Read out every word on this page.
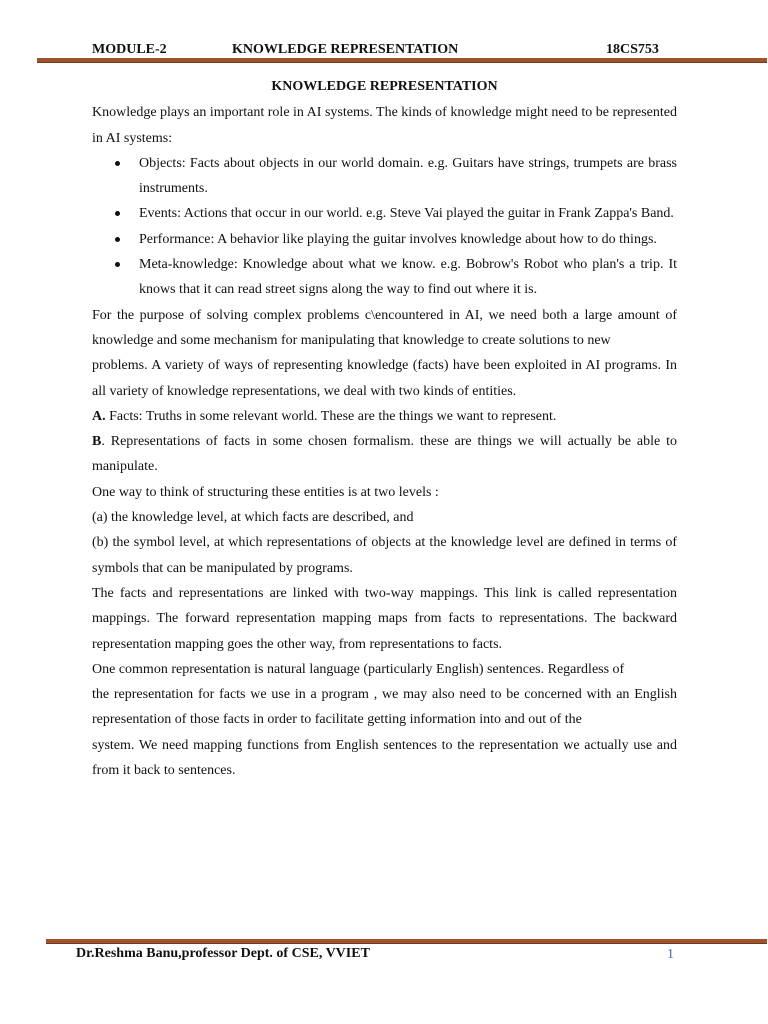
MODULE-2	KNOWLEDGE REPRESENTATION	18CS753
KNOWLEDGE REPRESENTATION

Knowledge plays an important role in AI systems. The kinds of knowledge might need to be represented in AI systems:

Objects: Facts about objects in our world domain. e.g. Guitars have strings, trumpets are brass instruments.
Events: Actions that occur in our world. e.g. Steve Vai played the guitar in Frank Zappa's Band.
Performance: A behavior like playing the guitar involves knowledge about how to do things.
Meta-knowledge: Knowledge about what we know. e.g. Bobrow's Robot who plan's a trip. It knows that it can read street signs along the way to find out where it is.

For the purpose of solving complex problems c\encountered in AI, we need both a large amount of knowledge and some mechanism for manipulating that knowledge to create solutions to new

problems. A variety of ways of representing knowledge (facts) have been exploited in AI programs. In all variety of knowledge representations, we deal with two kinds of entities.

A. Facts: Truths in some relevant world. These are the things we want to represent.

B. Representations of facts in some chosen formalism. these are things we will actually be able to manipulate.

One way to think of structuring these entities is at two levels :

(a) the knowledge level, at which facts are described, and

(b) the symbol level, at which representations of objects at the knowledge level are defined in terms of symbols that can be manipulated by programs.

The facts and representations are linked with two-way mappings. This link is called representation mappings. The forward representation mapping maps from facts to representations. The backward representation mapping goes the other way, from representations to facts.

One common representation is natural language (particularly English) sentences. Regardless of

the representation for facts we use in a program , we may also need to be concerned with an English representation of those facts in order to facilitate getting information into and out of the

system. We need mapping functions from English sentences to the representation we actually use and from it back to sentences.

Dr.Reshma Banu,professor Dept. of CSE, VVIET	1
